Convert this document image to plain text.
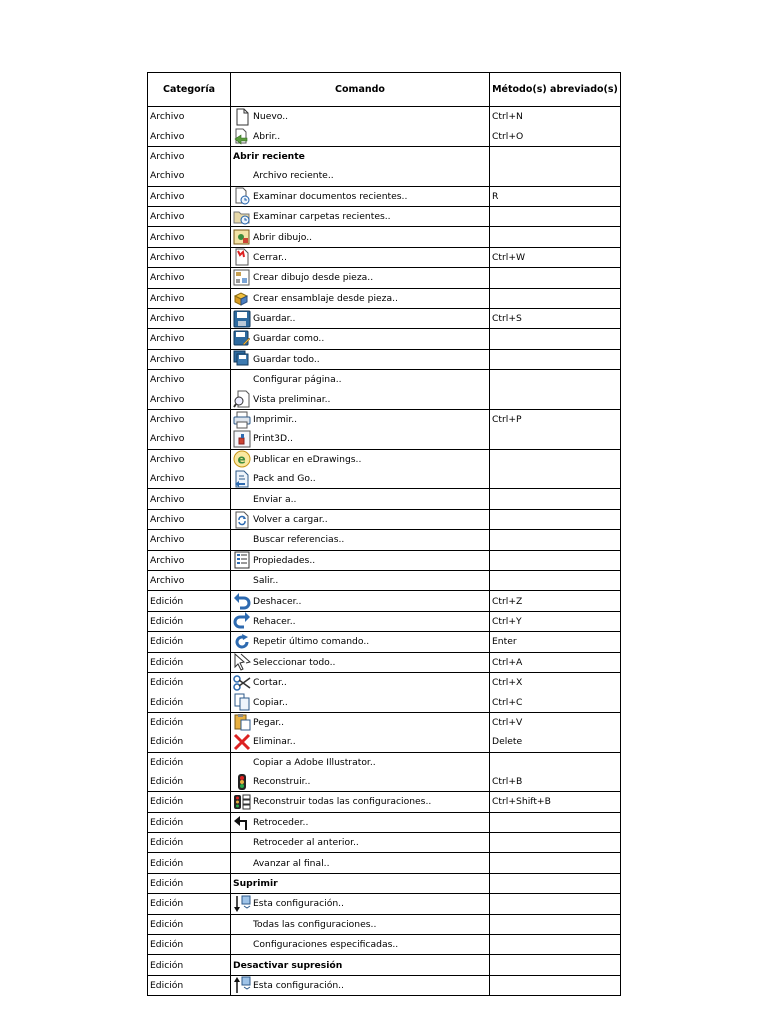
Categoría	Comando	Método(s) abreviado(s)
Archivo	Nuevo..	Ctrl+N
Archivo	Abrir..	Ctrl+O
Archivo	Abrir reciente	

Archivo	Archivo reciente..	

Archivo	Examinar documentos recientes..	R
Archivo	Examinar carpetas recientes..	

Archivo	Abrir dibujo..	

Archivo	Cerrar..	Ctrl+W
Archivo	Crear dibujo desde pieza..	

Archivo	Crear ensamblaje desde pieza..	

Archivo	Guardar..	Ctrl+S
Archivo	Guardar como..	

Archivo	Guardar todo..	

Archivo	Configurar página..	

Archivo	Vista preliminar..	

Archivo	Imprimir..	Ctrl+P
Archivo	Print3D..	

Archivo	e Publicar en eDrawings..	

Archivo	Pack and Go..	

Archivo	Enviar a..	

Archivo	Volver a cargar..	

Archivo	Buscar referencias..	

Archivo	Propiedades..	

Archivo	Salir..	

Edición	Deshacer..	Ctrl+Z
Edición	Rehacer..	Ctrl+Y
Edición	Repetir último comando..	Enter
Edición	Seleccionar todo..	Ctrl+A
Edición	Cortar..	Ctrl+X
Edición	Copiar..	Ctrl+C
Edición	Pegar..	Ctrl+V
Edición	Eliminar..	Delete
Edición	Copiar a Adobe Illustrator..	

Edición	Reconstruir..	Ctrl+B
Edición	Reconstruir todas las configuraciones..	Ctrl+Shift+B
Edición	Retroceder..	

Edición	Retroceder al anterior..	

Edición	Avanzar al final..	

Edición	Suprimir	

Edición	Esta configuración..	

Edición	Todas las configuraciones..	

Edición	Configuraciones especificadas..	

Edición	Desactivar supresión	

Edición	Esta configuración..	
